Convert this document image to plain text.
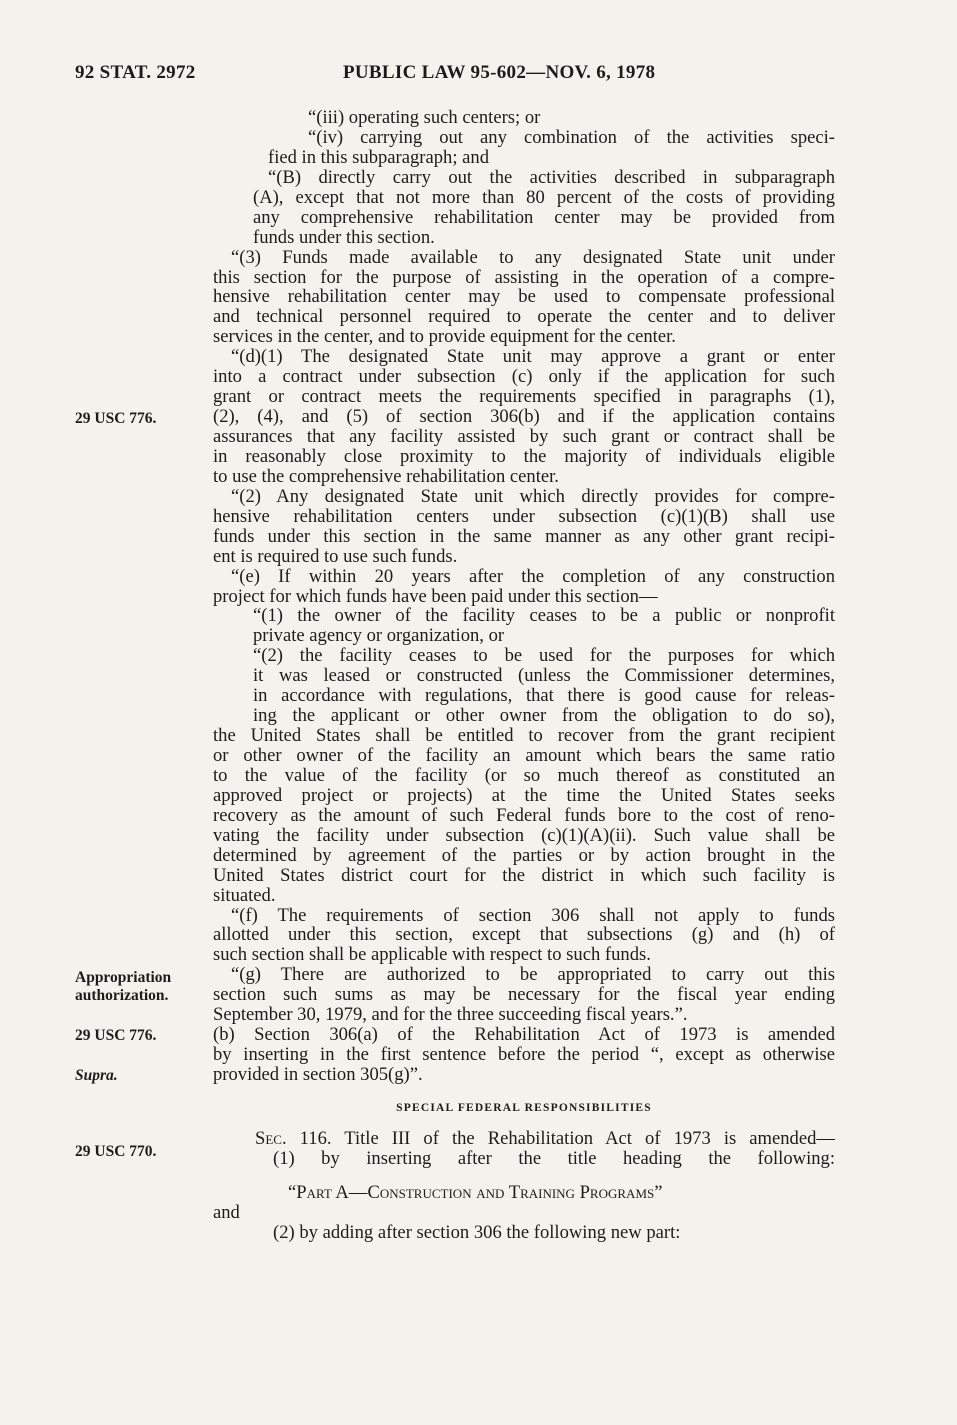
92 STAT. 2972	PUBLIC LAW 95-602—NOV. 6, 1978
29 USC 776.
Appropriation
authorization.
29 USC 776.
Supra.
29 USC 770.
“(iii) operating such centers; or
“(iv) carrying out any combination of the activities speci-
fied in this subparagraph; and
“(B) directly carry out the activities described in subparagraph
(A), except that not more than 80 percent of the costs of providing
any comprehensive rehabilitation center may be provided from
funds under this section.
“(3) Funds made available to any designated State unit under
this section for the purpose of assisting in the operation of a compre-
hensive rehabilitation center may be used to compensate professional
and technical personnel required to operate the center and to deliver
services in the center, and to provide equipment for the center.
“(d)(1) The designated State unit may approve a grant or enter
into a contract under subsection (c) only if the application for such
grant or contract meets the requirements specified in paragraphs (1),
(2), (4), and (5) of section 306(b) and if the application contains
assurances that any facility assisted by such grant or contract shall be
in reasonably close proximity to the majority of individuals eligible
to use the comprehensive rehabilitation center.
“(2) Any designated State unit which directly provides for compre-
hensive rehabilitation centers under subsection (c)(1)(B) shall use
funds under this section in the same manner as any other grant recipi-
ent is required to use such funds.
“(e) If within 20 years after the completion of any construction
project for which funds have been paid under this section—
“(1) the owner of the facility ceases to be a public or nonprofit
private agency or organization, or
“(2) the facility ceases to be used for the purposes for which
it was leased or constructed (unless the Commissioner determines,
in accordance with regulations, that there is good cause for releas-
ing the applicant or other owner from the obligation to do so),
the United States shall be entitled to recover from the grant recipient
or other owner of the facility an amount which bears the same ratio
to the value of the facility (or so much thereof as constituted an
approved project or projects) at the time the United States seeks
recovery as the amount of such Federal funds bore to the cost of reno-
vating the facility under subsection (c)(1)(A)(ii). Such value shall be
determined by agreement of the parties or by action brought in the
United States district court for the district in which such facility is
situated.
“(f) The requirements of section 306 shall not apply to funds
allotted under this section, except that subsections (g) and (h) of
such section shall be applicable with respect to such funds.
“(g) There are authorized to be appropriated to carry out this
section such sums as may be necessary for the fiscal year ending
September 30, 1979, and for the three succeeding fiscal years.”.
(b) Section 306(a) of the Rehabilitation Act of 1973 is amended
by inserting in the first sentence before the period “, except as otherwise
provided in section 305(g)”.
SPECIAL FEDERAL RESPONSIBILITIES
Sec. 116. Title III of the Rehabilitation Act of 1973 is amended—
(1) by inserting after the title heading the following:
“Part A—Construction and Training Programs”
and
(2) by adding after section 306 the following new part:
